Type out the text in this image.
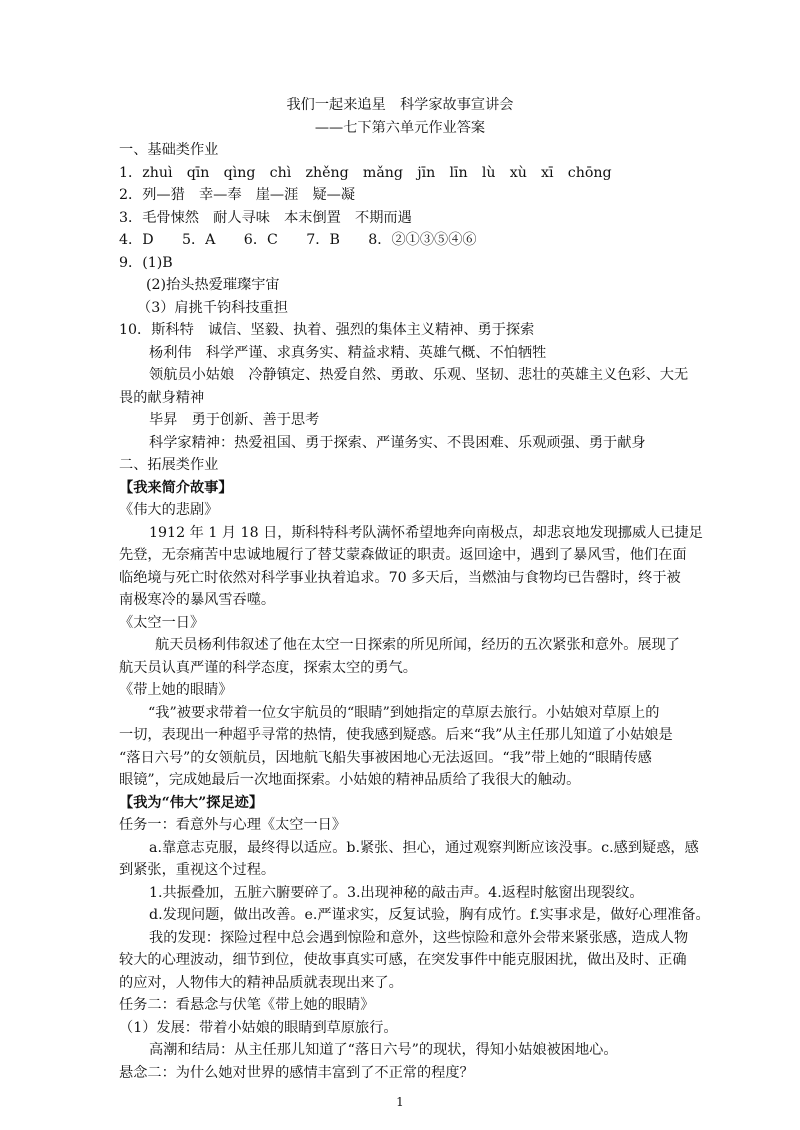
我们一起来追星　科学家故事宣讲会
——七下第六单元作业答案
一、基础类作业
1．zhuì　qīn　qìng　chì　zhěng　mǎng　jīn　līn　lù　xù　xī　chōng
2．列—猎　幸—奉　崖—涯　疑—凝
3．毛骨悚然　耐人寻味　本末倒置　不期而遇
4．D　　5．A　　6．C　　7．B　　8．②①③⑤④⑥
9．(1)B
(2)抬头热爱璀璨宇宙
（3）肩挑千钧科技重担
10．斯科特　诚信、坚毅、执着、强烈的集体主义精神、勇于探索
杨利伟　科学严谨、求真务实、精益求精、英雄气概、不怕牺牲
领航员小姑娘　冷静镇定、热爱自然、勇敢、乐观、坚韧、悲壮的英雄主义色彩、大无
畏的献身精神
毕昇　勇于创新、善于思考
科学家精神：热爱祖国、勇于探索、严谨务实、不畏困难、乐观顽强、勇于献身
二、拓展类作业
【我来简介故事】
《伟大的悲剧》
1912 年 1 月 18 日，斯科特科考队满怀希望地奔向南极点，却悲哀地发现挪威人已捷足
先登，无奈痛苦中忠诚地履行了替艾蒙森做证的职责。返回途中，遇到了暴风雪，他们在面
临绝境与死亡时依然对科学事业执着追求。70 多天后，当燃油与食物均已告罄时，终于被
南极寒冷的暴风雪吞噬。
《太空一日》
航天员杨利伟叙述了他在太空一日探索的所见所闻，经历的五次紧张和意外。展现了
航天员认真严谨的科学态度，探索太空的勇气。
《带上她的眼睛》
“我”被要求带着一位女宇航员的“眼睛”到她指定的草原去旅行。小姑娘对草原上的
一切，表现出一种超乎寻常的热情，使我感到疑惑。后来“我”从主任那儿知道了小姑娘是
“落日六号”的女领航员，因地航飞船失事被困地心无法返回。“我”带上她的“眼睛传感
眼镜”，完成她最后一次地面探索。小姑娘的精神品质给了我很大的触动。
【我为“伟大”探足迹】
任务一：看意外与心理《太空一日》
a.靠意志克服，最终得以适应。b.紧张、担心，通过观察判断应该没事。c.感到疑惑，感
到紧张，重视这个过程。
1.共振叠加，五脏六腑要碎了。3.出现神秘的敲击声。4.返程时舷窗出现裂纹。
d.发现问题，做出改善。e.严谨求实，反复试验，胸有成竹。f.实事求是，做好心理准备。
我的发现：探险过程中总会遇到惊险和意外，这些惊险和意外会带来紧张感，造成人物
较大的心理波动，细节到位，使故事真实可感，在突发事件中能克服困扰，做出及时、正确
的应对，人物伟大的精神品质就表现出来了。
任务二：看悬念与伏笔《带上她的眼睛》
（1）发展：带着小姑娘的眼睛到草原旅行。
高潮和结局：从主任那儿知道了“落日六号”的现状，得知小姑娘被困地心。
悬念二：为什么她对世界的感情丰富到了不正常的程度？
1
